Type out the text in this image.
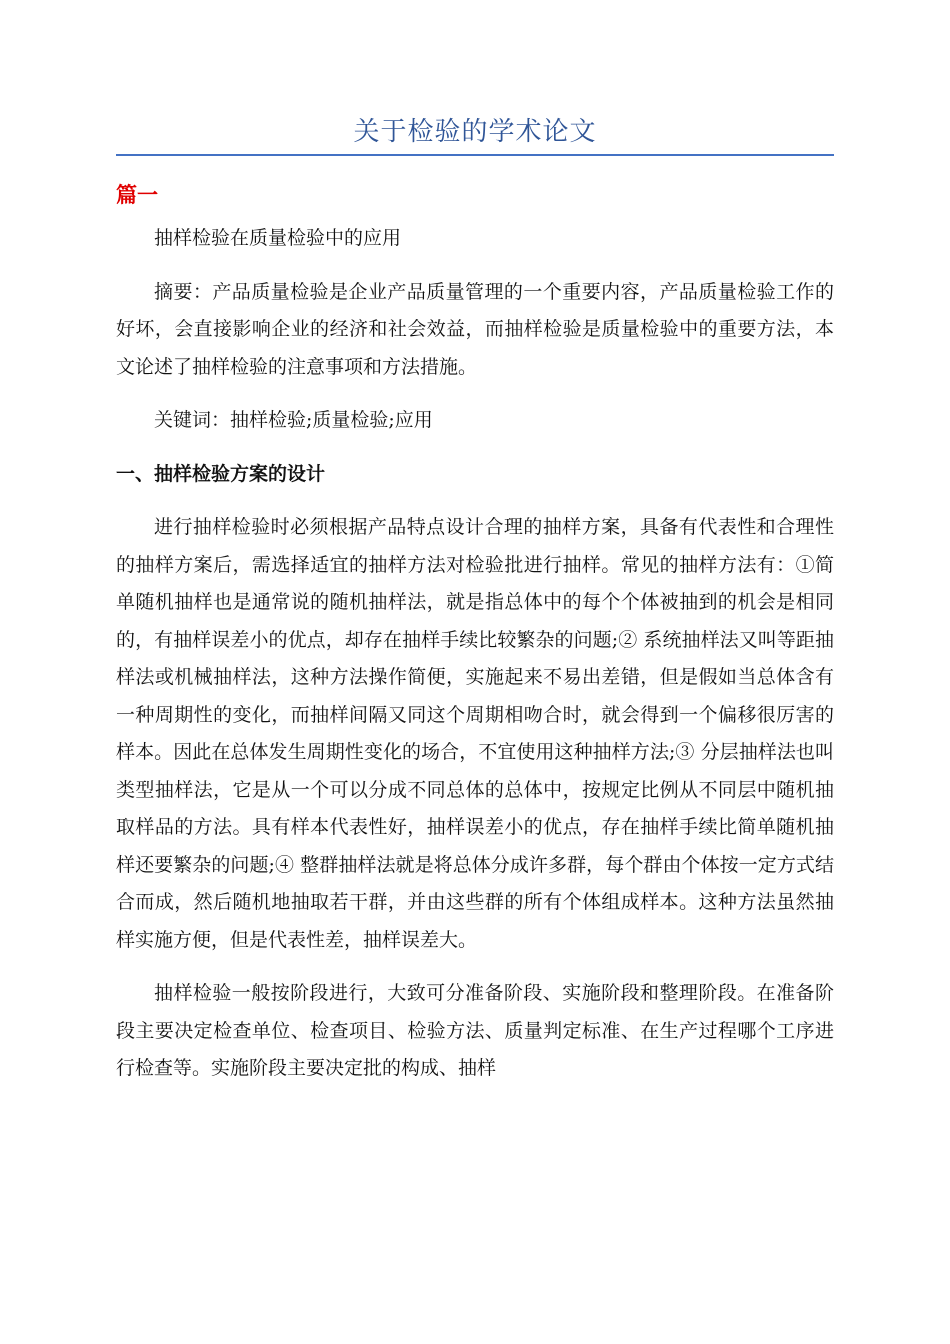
关于检验的学术论文
篇一

抽样检验在质量检验中的应用

摘要：产品质量检验是企业产品质量管理的一个重要内容，产品质量检验工作的好坏，会直接影响企业的经济和社会效益，而抽样检验是质量检验中的重要方法，本文论述了抽样检验的注意事项和方法措施。

关键词：抽样检验;质量检验;应用

一、抽样检验方案的设计

进行抽样检验时必须根据产品特点设计合理的抽样方案，具备有代表性和合理性的抽样方案后，需选择适宜的抽样方法对检验批进行抽样。常见的抽样方法有：①简单随机抽样也是通常说的随机抽样法，就是指总体中的每个个体被抽到的机会是相同的，有抽样误差小的优点，却存在抽样手续比较繁杂的问题;② 系统抽样法又叫等距抽样法或机械抽样法，这种方法操作简便，实施起来不易出差错，但是假如当总体含有一种周期性的变化，而抽样间隔又同这个周期相吻合时，就会得到一个偏移很厉害的样本。因此在总体发生周期性变化的场合，不宜使用这种抽样方法;③ 分层抽样法也叫类型抽样法，它是从一个可以分成不同总体的总体中，按规定比例从不同层中随机抽取样品的方法。具有样本代表性好，抽样误差小的优点，存在抽样手续比简单随机抽样还要繁杂的问题;④ 整群抽样法就是将总体分成许多群，每个群由个体按一定方式结合而成，然后随机地抽取若干群，并由这些群的所有个体组成样本。这种方法虽然抽样实施方便，但是代表性差，抽样误差大。

抽样检验一般按阶段进行，大致可分准备阶段、实施阶段和整理阶段。在准备阶段主要决定检查单位、检查项目、检验方法、质量判定标准、在生产过程哪个工序进行检查等。实施阶段主要决定批的构成、抽样
